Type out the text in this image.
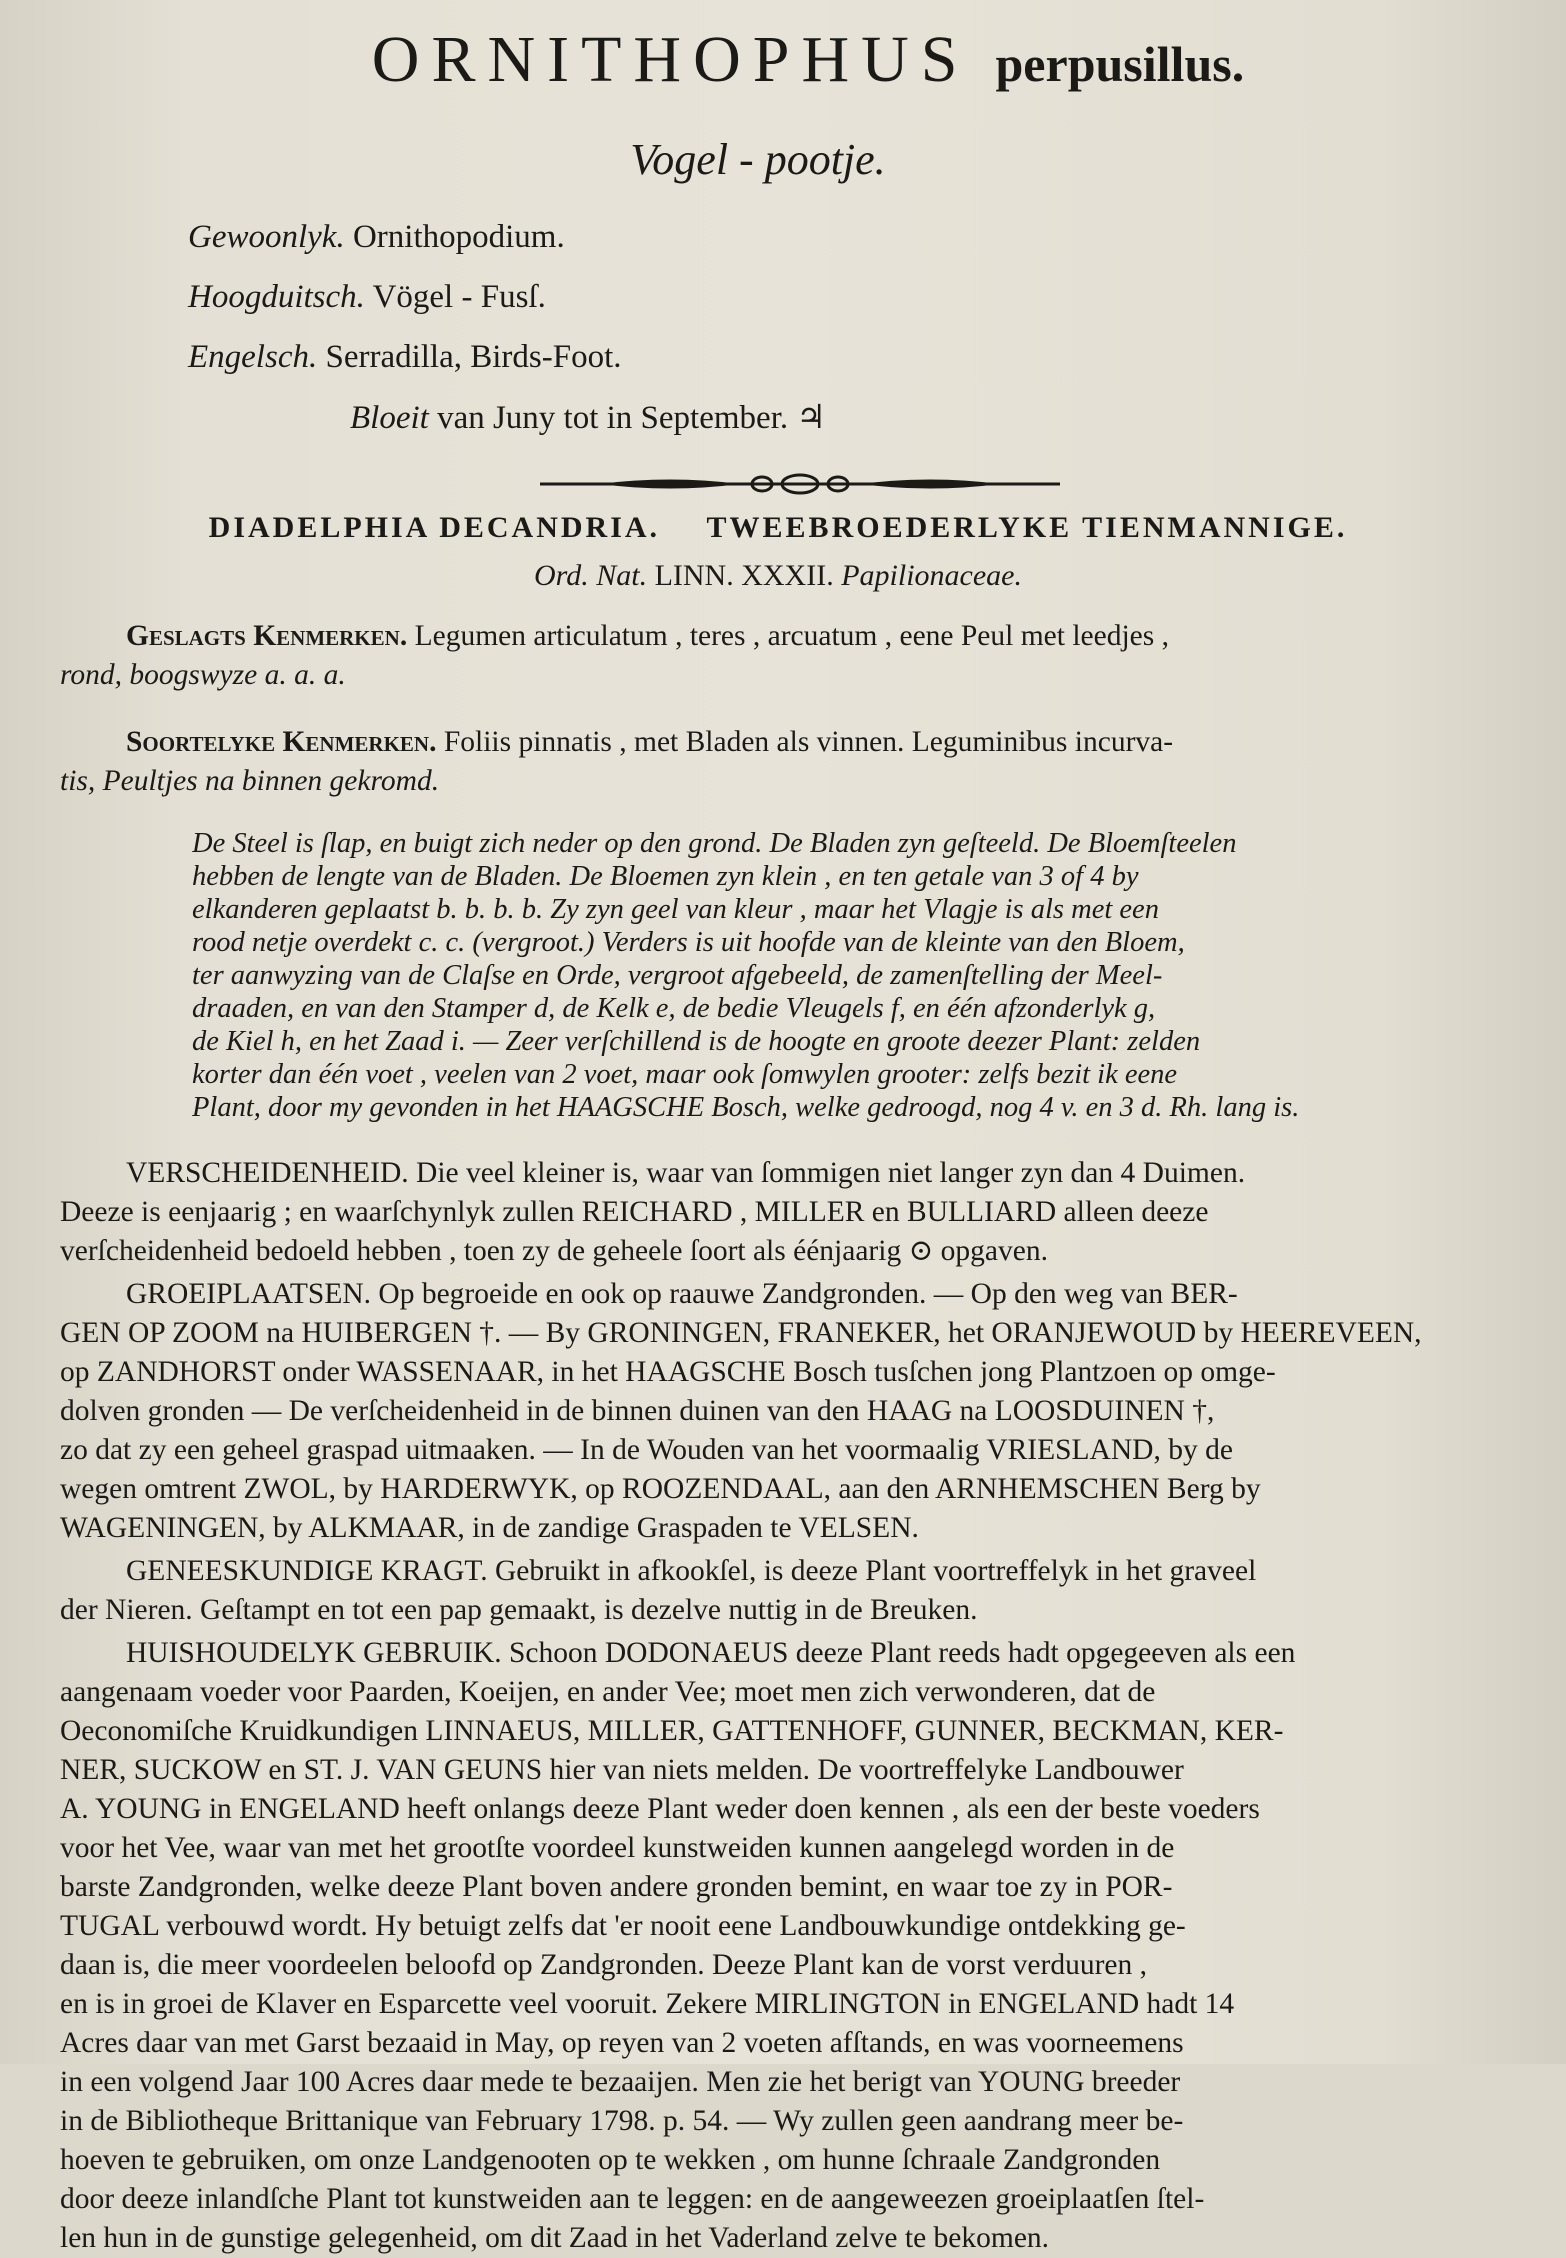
ORNITHOPHUS perpusillus.
Vogel - pootje.
Gewoonlyk. Ornithopodium.
Hoogduitsch. Vögel - Fusſ.
Engelsch. Serradilla, Birds-Foot.
Bloeit van Juny tot in September. ♃
DIADELPHIA DECANDRIA. TWEEBROEDERLYKE TIENMANNIGE.
Ord. Nat. LINN. XXXII. Papilionaceae.
Geslagts Kenmerken. Legumen articulatum , teres , arcuatum , eene Peul met leedjes ,
rond, boogswyze a. a. a.
Soortelyke Kenmerken. Foliis pinnatis , met Bladen als vinnen. Leguminibus incurva-
tis, Peultjes na binnen gekromd.
De Steel is ſlap, en buigt zich neder op den grond. De Bladen zyn geſteeld. De Bloemſteelen
hebben de lengte van de Bladen. De Bloemen zyn klein , en ten getale van 3 of 4 by
elkanderen geplaatst b. b. b. b. Zy zyn geel van kleur , maar het Vlagje is als met een
rood netje overdekt c. c. (vergroot.) Verders is uit hoofde van de kleinte van den Bloem,
ter aanwyzing van de Claſse en Orde, vergroot afgebeeld, de zamenſtelling der Meel-
draaden, en van den Stamper d, de Kelk e, de bedie Vleugels f, en één afzonderlyk g,
de Kiel h, en het Zaad i. — Zeer verſchillend is de hoogte en groote deezer Plant: zelden
korter dan één voet , veelen van 2 voet, maar ook ſomwylen grooter: zelfs bezit ik eene
Plant, door my gevonden in het HAAGSCHE Bosch, welke gedroogd, nog 4 v. en 3 d. Rh. lang is.
VERSCHEIDENHEID. Die veel kleiner is, waar van ſommigen niet langer zyn dan 4 Duimen.
Deeze is eenjaarig ; en waarſchynlyk zullen REICHARD , MILLER en BULLIARD alleen deeze
verſcheidenheid bedoeld hebben , toen zy de geheele ſoort als éénjaarig ⊙ opgaven.
GROEIPLAATSEN. Op begroeide en ook op raauwe Zandgronden. — Op den weg van BER-
GEN OP ZOOM na HUIBERGEN †. — By GRONINGEN, FRANEKER, het ORANJEWOUD by HEEREVEEN,
op ZANDHORST onder WASSENAAR, in het HAAGSCHE Bosch tusſchen jong Plantzoen op omge-
dolven gronden — De verſcheidenheid in de binnen duinen van den HAAG na LOOSDUINEN †,
zo dat zy een geheel graspad uitmaaken. — In de Wouden van het voormaalig VRIESLAND, by de
wegen omtrent ZWOL, by HARDERWYK, op ROOZENDAAL, aan den ARNHEMSCHEN Berg by
WAGENINGEN, by ALKMAAR, in de zandige Graspaden te VELSEN.
GENEESKUNDIGE KRAGT. Gebruikt in afkookſel, is deeze Plant voortreffelyk in het graveel
der Nieren. Geſtampt en tot een pap gemaakt, is dezelve nuttig in de Breuken.
HUISHOUDELYK GEBRUIK. Schoon DODONAEUS deeze Plant reeds hadt opgegeeven als een
aangenaam voeder voor Paarden, Koeijen, en ander Vee; moet men zich verwonderen, dat de
Oeconomiſche Kruidkundigen LINNAEUS, MILLER, GATTENHOFF, GUNNER, BECKMAN, KER-
NER, SUCKOW en ST. J. VAN GEUNS hier van niets melden. De voortreffelyke Landbouwer
A. YOUNG in ENGELAND heeft onlangs deeze Plant weder doen kennen , als een der beste voeders
voor het Vee, waar van met het grootſte voordeel kunstweiden kunnen aangelegd worden in de
barste Zandgronden, welke deeze Plant boven andere gronden bemint, en waar toe zy in POR-
TUGAL verbouwd wordt. Hy betuigt zelfs dat 'er nooit eene Landbouwkundige ontdekking ge-
daan is, die meer voordeelen beloofd op Zandgronden. Deeze Plant kan de vorst verduuren ,
en is in groei de Klaver en Esparcette veel vooruit. Zekere MIRLINGTON in ENGELAND hadt 14
Acres daar van met Garst bezaaid in May, op reyen van 2 voeten afſtands, en was voorneemens
in een volgend Jaar 100 Acres daar mede te bezaaijen. Men zie het berigt van YOUNG breeder
in de Bibliotheque Brittanique van February 1798. p. 54. — Wy zullen geen aandrang meer be-
hoeven te gebruiken, om onze Landgenooten op te wekken , om hunne ſchraale Zandgronden
door deeze inlandſche Plant tot kunstweiden aan te leggen: en de aangeweezen groeiplaatſen ſtel-
len hun in de gunstige gelegenheid, om dit Zaad in het Vaderland zelve te bekomen.
